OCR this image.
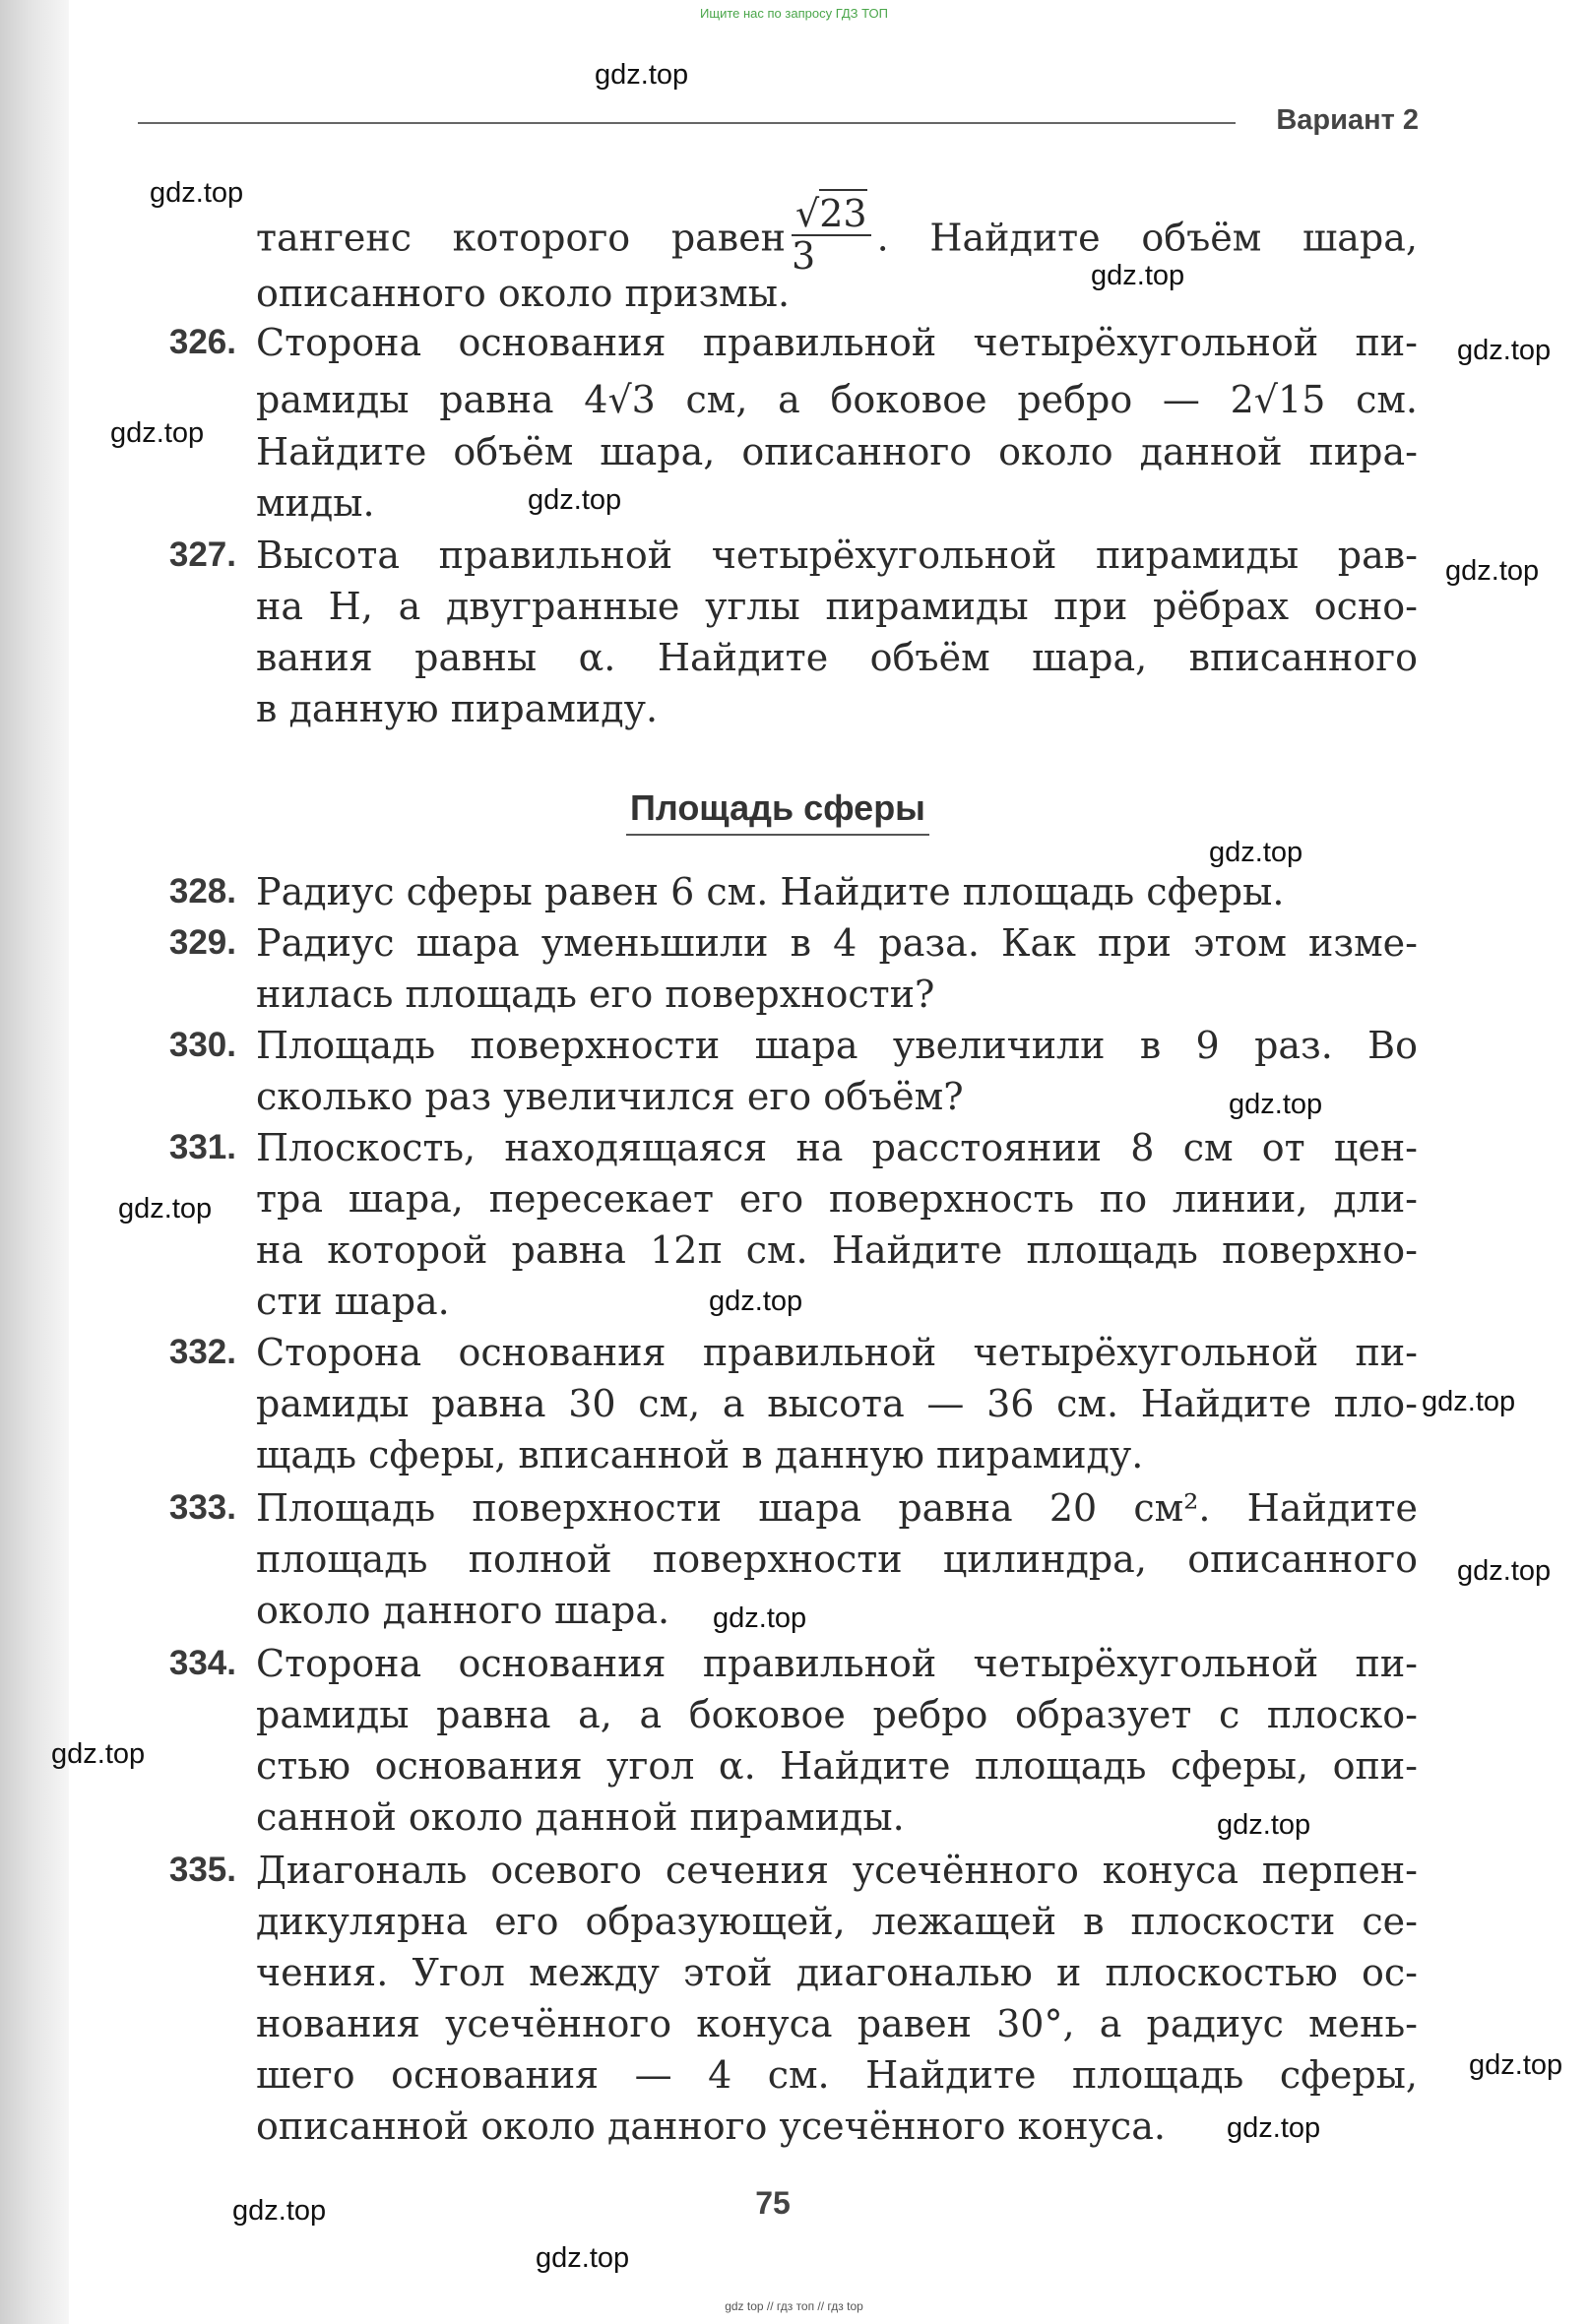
Ищите нас по запросу ГДЗ ТОП
Вариант 2
тангенс которого равен $\frac{√23}{3}$ . Найдите объём шара,
описанного около призмы.
326. Сторона основания правильной четырёхугольной пи-
рамиды равна 4√3 см, а боковое ребро — 2√15 см.
Найдите объём шара, описанного около данной пира-
миды.
327. Высота правильной четырёхугольной пирамиды рав-
на H, а двугранные углы пирамиды при рёбрах осно-
вания равны α. Найдите объём шара, вписанного
в данную пирамиду.
Площадь сферы
328. Радиус сферы равен 6 см. Найдите площадь сферы.
329. Радиус шара уменьшили в 4 раза. Как при этом изме-
нилась площадь его поверхности?
330. Площадь поверхности шара увеличили в 9 раз. Во
сколько раз увеличился его объём?
331. Плоскость, находящаяся на расстоянии 8 см от цен-
тра шара, пересекает его поверхность по линии, дли-
на которой равна 12π см. Найдите площадь поверхно-
сти шара.
332. Сторона основания правильной четырёхугольной пи-
рамиды равна 30 см, а высота — 36 см. Найдите пло-
щадь сферы, вписанной в данную пирамиду.
333. Площадь поверхности шара равна 20 см². Найдите
площадь полной поверхности цилиндра, описанного
около данного шара.
334. Сторона основания правильной четырёхугольной пи-
рамиды равна a, а боковое ребро образует с плоско-
стью основания угол α. Найдите площадь сферы, опи-
санной около данной пирамиды.
335. Диагональ осевого сечения усечённого конуса перпен-
дикулярна его образующей, лежащей в плоскости се-
чения. Угол между этой диагональю и плоскостью ос-
нования усечённого конуса равен 30°, а радиус мень-
шего основания — 4 см. Найдите площадь сферы,
описанной около данного усечённого конуса.
75
gdz.top
gdz.top
gdz.top
gdz.top
gdz.top
gdz.top
gdz.top
gdz.top
gdz.top
gdz.top
gdz.top
gdz.top
gdz.top
gdz.top
gdz.top
gdz.top
gdz.top
gdz.top
gdz.top
gdz.top
gdz top // гдз топ // гдз top
